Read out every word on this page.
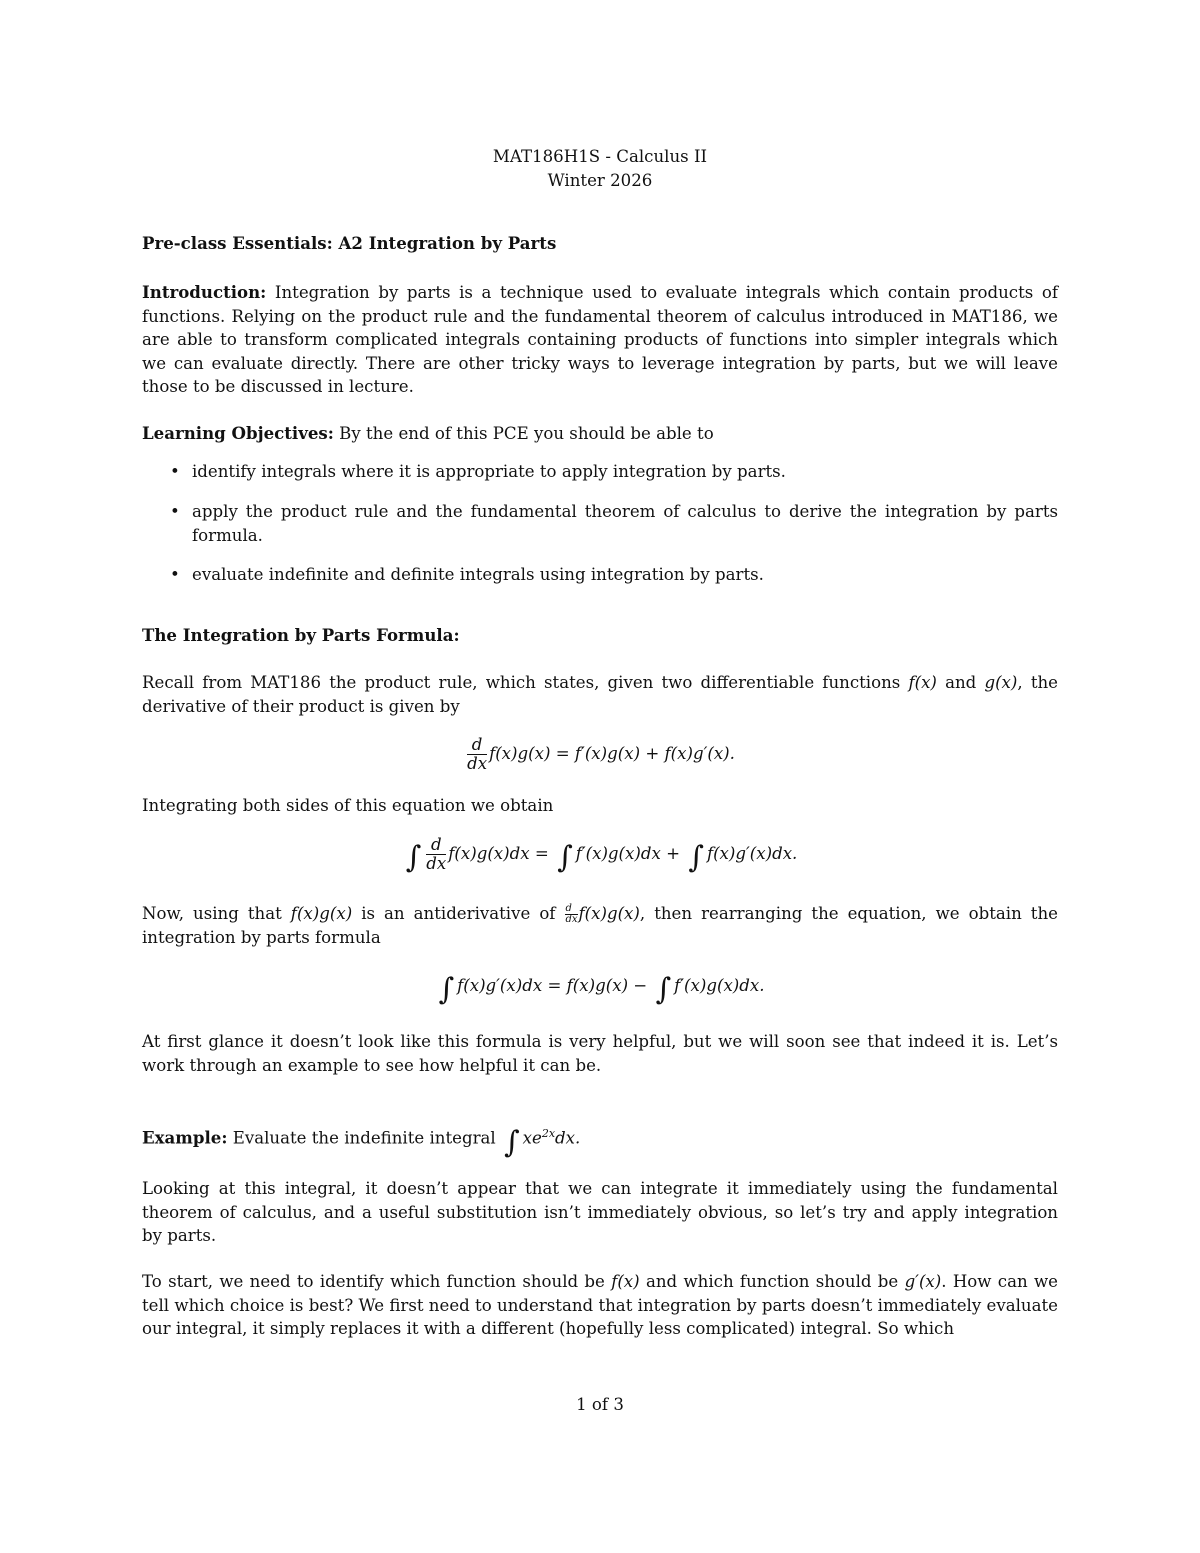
MAT186H1S - Calculus II
Winter 2026
Pre-class Essentials: A2 Integration by Parts
Introduction: Integration by parts is a technique used to evaluate integrals which contain products of functions. Relying on the product rule and the fundamental theorem of calculus introduced in MAT186, we are able to transform complicated integrals containing products of functions into simpler integrals which we can evaluate directly. There are other tricky ways to leverage integration by parts, but we will leave those to be discussed in lecture.
Learning Objectives: By the end of this PCE you should be able to
• identify integrals where it is appropriate to apply integration by parts.
• apply the product rule and the fundamental theorem of calculus to derive the integration by parts formula.
• evaluate indefinite and definite integrals using integration by parts.
The Integration by Parts Formula:
Recall from MAT186 the product rule, which states, given two differentiable functions f(x) and g(x), the derivative of their product is given by
$\frac{d}{dx} f(x)g(x) = f'(x)g(x) + f(x)g'(x)$.
Integrating both sides of this equation we obtain
∫ $\frac{d}{dx} f(x)g(x)dx$ = ∫ f′(x)g(x)dx + ∫ f(x)g′(x)dx.
Now, using that f(x)g(x) is an antiderivative of $\frac{d}{dx} f(x)g(x)$, then rearranging the equation, we obtain the integration by parts formula
∫ f(x)g′(x)dx = f(x)g(x) − ∫ f′(x)g(x)dx.
At first glance it doesn’t look like this formula is very helpful, but we will soon see that indeed it is. Let’s work through an example to see how helpful it can be.
Example: Evaluate the indefinite integral ∫ $xe^{2x}dx$.
Looking at this integral, it doesn’t appear that we can integrate it immediately using the fundamental theorem of calculus, and a useful substitution isn’t immediately obvious, so let’s try and apply integration by parts.
To start, we need to identify which function should be f(x) and which function should be g′(x). How can we tell which choice is best? We first need to understand that integration by parts doesn’t immediately evaluate our integral, it simply replaces it with a different (hopefully less complicated) integral. So which
1 of 3
